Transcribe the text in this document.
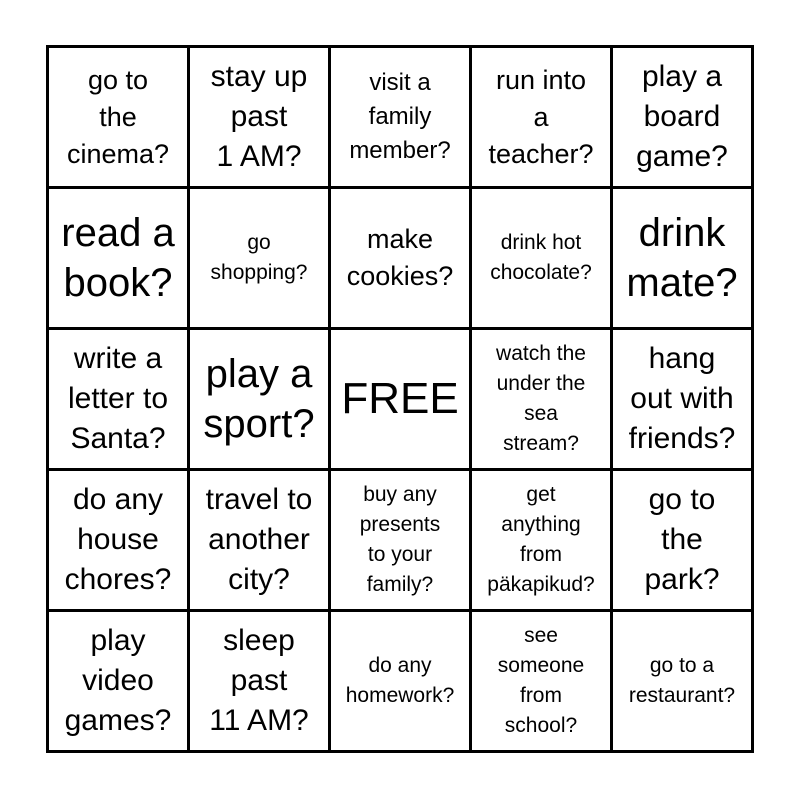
go to
the
cinema?
stay up
past
1 AM?
visit a
family
member?
run into
a
teacher?
play a
board
game?
read a
book?
go
shopping?
make
cookies?
drink hot
chocolate?
drink
mate?
write a
letter to
Santa?
play a
sport?
FREE
watch the
under the
sea
stream?
hang
out with
friends?
do any
house
chores?
travel to
another
city?
buy any
presents
to your
family?
get
anything
from
päkapikud?
go to
the
park?
play
video
games?
sleep
past
11 AM?
do any
homework?
see
someone
from
school?
go to a
restaurant?
